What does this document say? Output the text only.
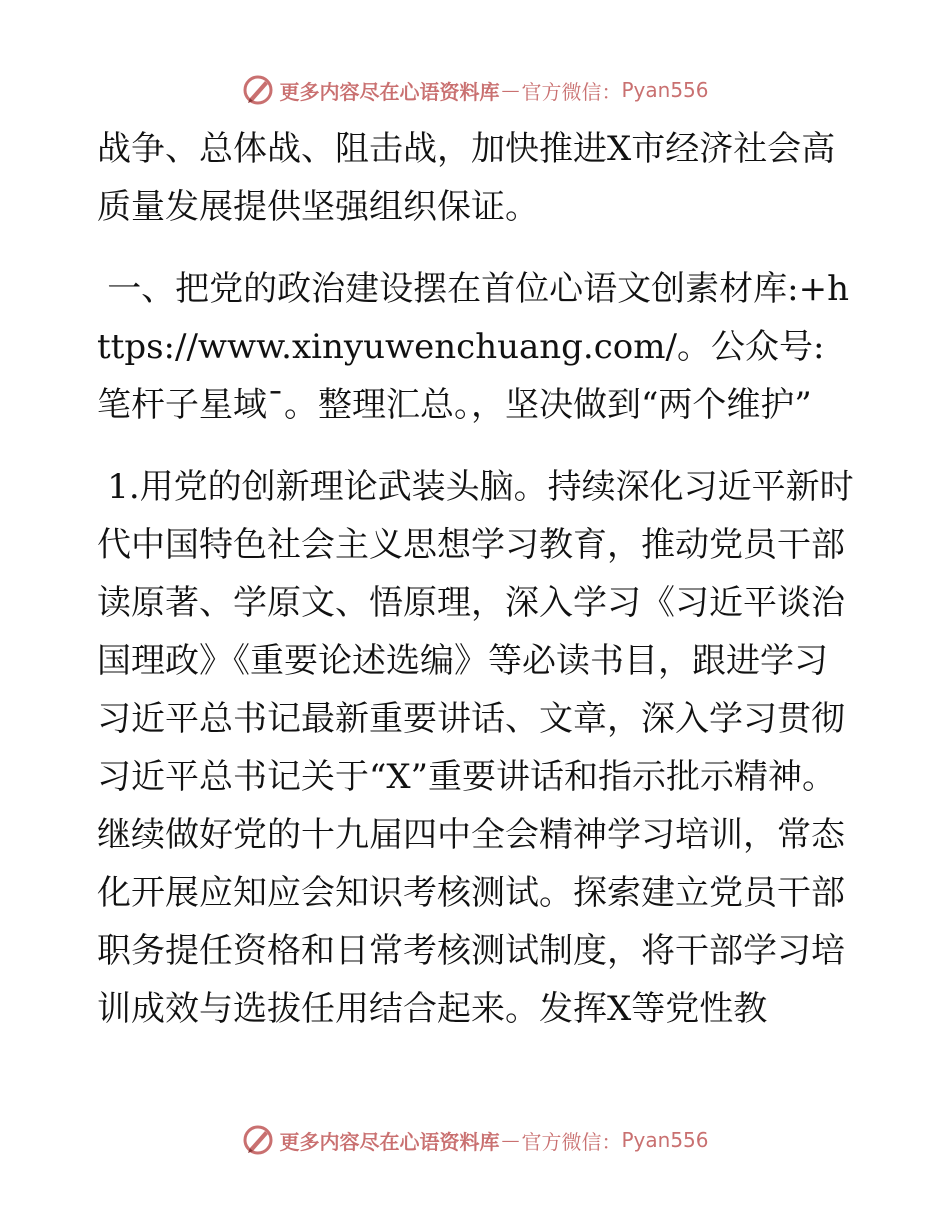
更多内容尽在心语资料库 — 官方微信： Pyan556

战争、总体战、阻击战，加快推进X市经济社会高质量发展提供坚强组织保证。

一、把党的政治建设摆在首位心语文创素材库:+https://www.xinyuwenchuang.com/。公众号: 笔杆子星域¯。整理汇总。，坚决做到“两个维护”

1.用党的创新理论武装头脑。持续深化习近平新时代中国特色社会主义思想学习教育，推动党员干部读原著、学原文、悟原理，深入学习《习近平谈治国理政》《重要论述选编》等必读书目，跟进学习习近平总书记最新重要讲话、文章，深入学习贯彻习近平总书记关于“X”重要讲话和指示批示精神。继续做好党的十九届四中全会精神学习培训，常态化开展应知应会知识考核测试。探索建立党员干部职务提任资格和日常考核测试制度，将干部学习培训成效与选拔任用结合起来。发挥X等党性教

更多内容尽在心语资料库 — 官方微信： Pyan556
